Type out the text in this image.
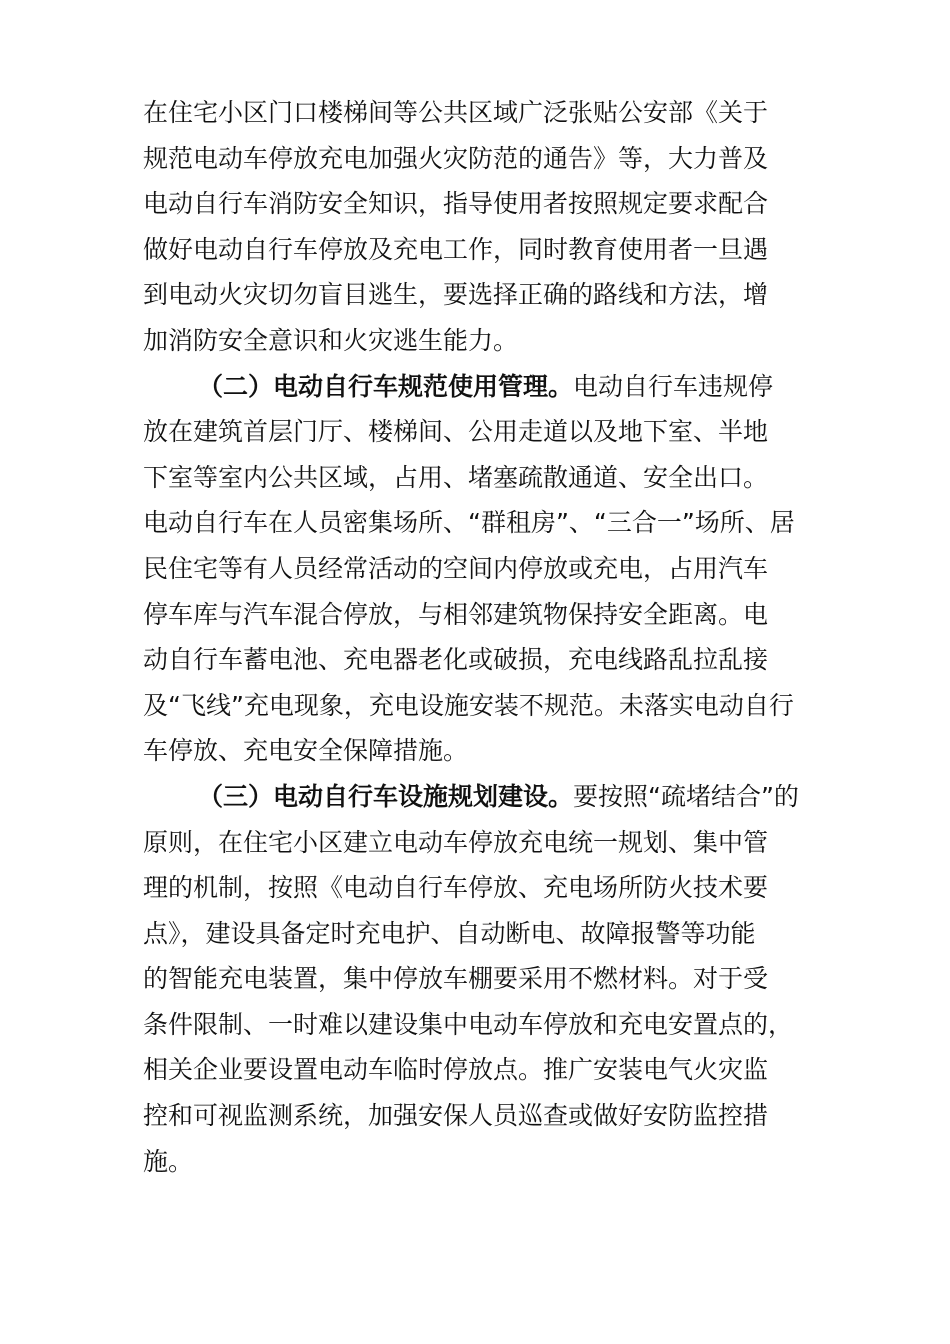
在住宅小区门口楼梯间等公共区域广泛张贴公安部《关于
规范电动车停放充电加强火灾防范的通告》等，大力普及
电动自行车消防安全知识，指导使用者按照规定要求配合
做好电动自行车停放及充电工作，同时教育使用者一旦遇
到电动火灾切勿盲目逃生，要选择正确的路线和方法，增
加消防安全意识和火灾逃生能力。
（二）电动自行车规范使用管理。电动自行车违规停
放在建筑首层门厅、楼梯间、公用走道以及地下室、半地
下室等室内公共区域，占用、堵塞疏散通道、安全出口。
电动自行车在人员密集场所、“群租房”、“三合一”场所、居
民住宅等有人员经常活动的空间内停放或充电，占用汽车
停车库与汽车混合停放，与相邻建筑物保持安全距离。电
动自行车蓄电池、充电器老化或破损，充电线路乱拉乱接
及“飞线”充电现象，充电设施安装不规范。未落实电动自行
车停放、充电安全保障措施。
（三）电动自行车设施规划建设。要按照“疏堵结合”的
原则，在住宅小区建立电动车停放充电统一规划、集中管
理的机制，按照《电动自行车停放、充电场所防火技术要
点》，建设具备定时充电护、自动断电、故障报警等功能
的智能充电装置，集中停放车棚要采用不燃材料。对于受
条件限制、一时难以建设集中电动车停放和充电安置点的，
相关企业要设置电动车临时停放点。推广安装电气火灾监
控和可视监测系统，加强安保人员巡查或做好安防监控措
施。
